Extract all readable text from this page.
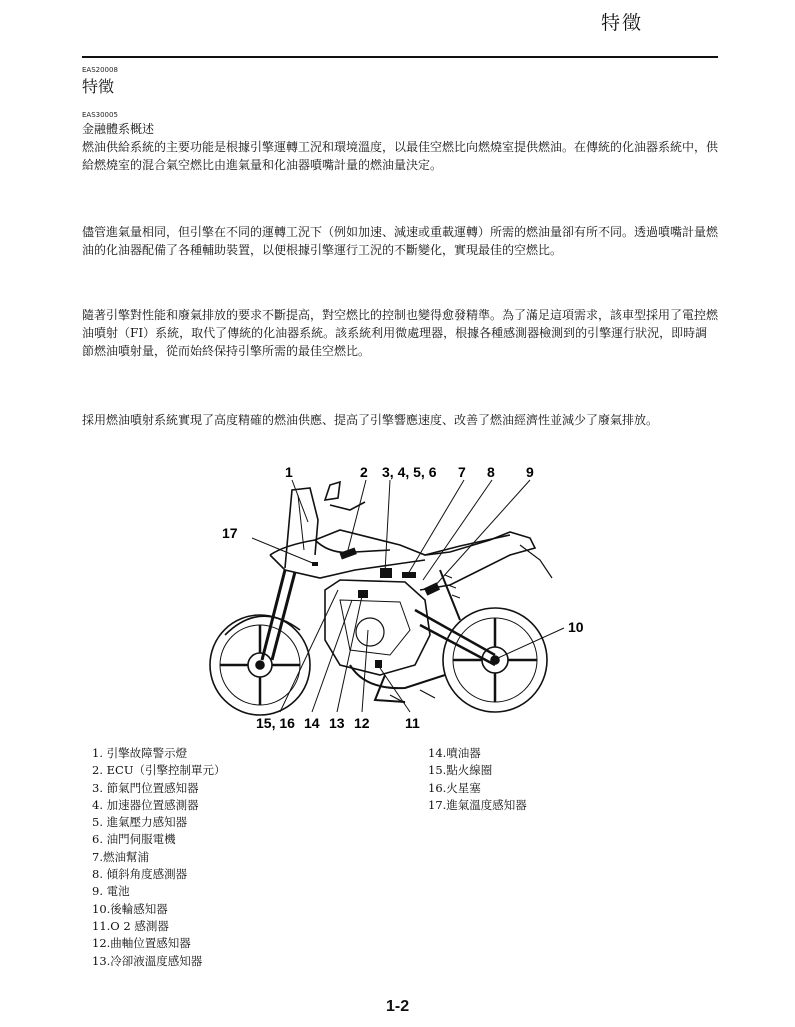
特徵
EAS20008
特徵
EAS30005
金融體系概述

燃油供給系統的主要功能是根據引擎運轉工況和環境溫度，以最佳空燃比向燃燒室提供燃油。在傳統的化油器系統中，供給燃燒室的混合氣空燃比由進氣量和化油器噴嘴計量的燃油量決定。

儘管進氣量相同，但引擎在不同的運轉工況下（例如加速、減速或重載運轉）所需的燃油量卻有所不同。透過噴嘴計量燃油的化油器配備了各種輔助裝置，以便根據引擎運行工況的不斷變化，實現最佳的空燃比。

隨著引擎對性能和廢氣排放的要求不斷提高，對空燃比的控制也變得愈發精準。為了滿足這項需求，該車型採用了電控燃油噴射（FI）系統，取代了傳統的化油器系統。該系統利用微處理器，根據各種感測器檢測到的引擎運行狀況，即時調節燃油噴射量，從而始終保持引擎所需的最佳空燃比。

採用燃油噴射系統實現了高度精確的燃油供應、提高了引擎響應速度、改善了燃油經濟性並減少了廢氣排放。

1	2 3, 4, 5, 6 7 8 9
17
10
15, 16 14 13 12	11
1. 引擎故障警示燈
2. ECU（引擎控制單元）
3. 節氣門位置感知器
4. 加速器位置感測器
5. 進氣壓力感知器
6. 油門伺服電機
7.燃油幫浦
8. 傾斜角度感測器
9. 電池
10.後輪感知器
11.O 2 感測器
12.曲軸位置感知器
13.冷卻液溫度感知器
14.噴油器
15.點火線圈
16.火星塞
17.進氣溫度感知器
1-2
